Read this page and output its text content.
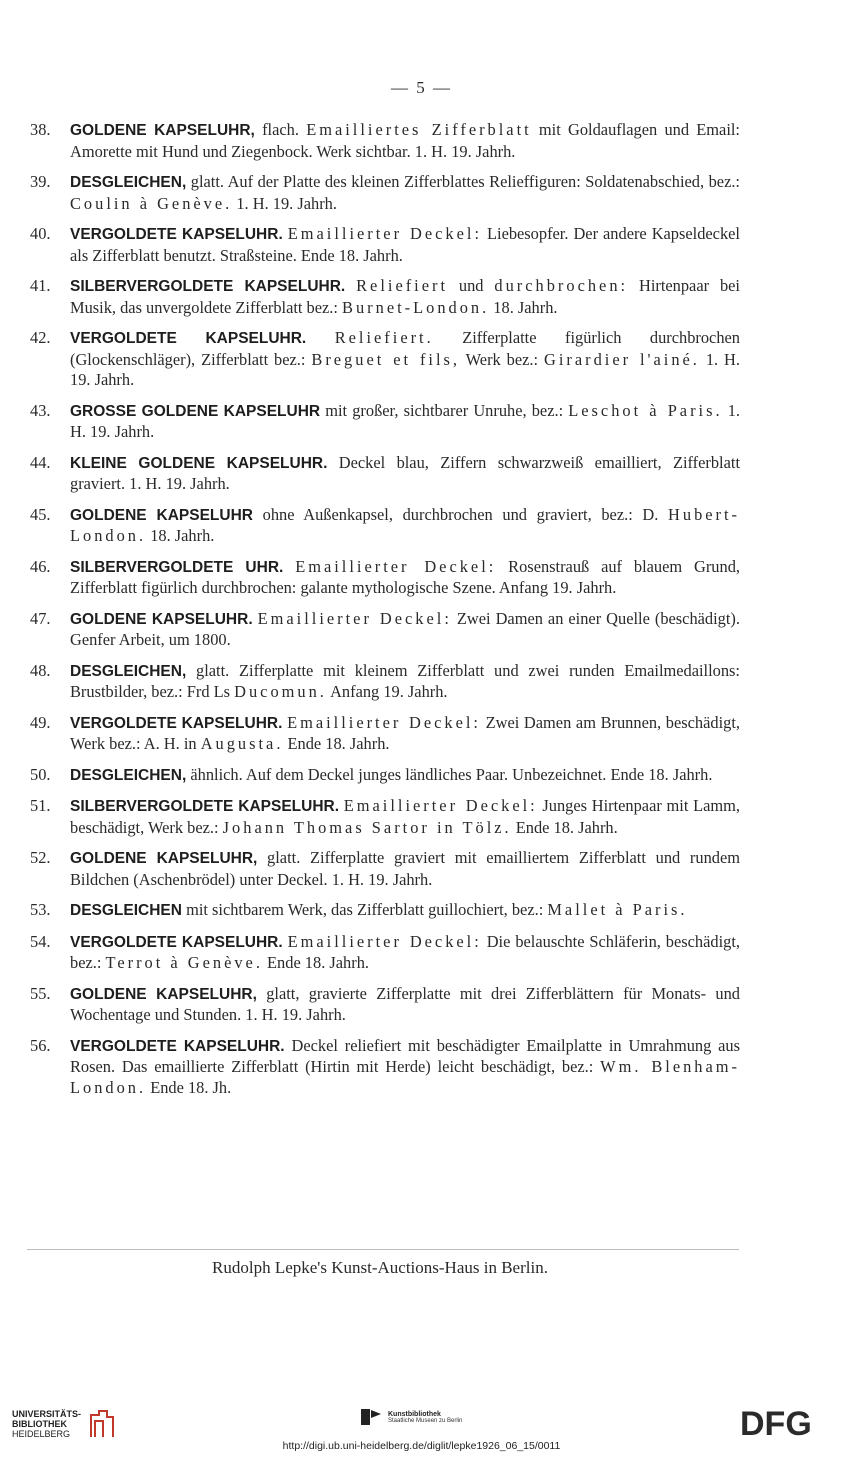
— 5 —
38.	GOLDENE KAPSELUHR, flach. Emailliertes Zifferblatt mit Goldauflagen und Email: Amorette mit Hund und Ziegenbock. Werk sichtbar. 1. H. 19. Jahrh.
39.	DESGLEICHEN, glatt. Auf der Platte des kleinen Zifferblattes Relieffiguren: Soldatenabschied, bez.: Coulin à Genève. 1. H. 19. Jahrh.
40.	VERGOLDETE KAPSELUHR. Emaillierter Deckel: Liebesopfer. Der andere Kapseldeckel als Zifferblatt benutzt. Straßsteine. Ende 18. Jahrh.
41.	SILBERVERGOLDETE KAPSELUHR. Reliefiert und durchbrochen: Hirtenpaar bei Musik, das unvergoldete Zifferblatt bez.: Burnet-London. 18. Jahrh.
42.	VERGOLDETE KAPSELUHR. Reliefiert. Zifferplatte figürlich durchbrochen (Glockenschläger), Zifferblatt bez.: Breguet et fils, Werk bez.: Girardier l'ainé. 1. H. 19. Jahrh.
43.	GROSSE GOLDENE KAPSELUHR mit großer, sichtbarer Unruhe, bez.: Leschot à Paris. 1. H. 19. Jahrh.
44.	KLEINE GOLDENE KAPSELUHR. Deckel blau, Ziffern schwarzweiß emailliert, Zifferblatt graviert. 1. H. 19. Jahrh.
45.	GOLDENE KAPSELUHR ohne Außenkapsel, durchbrochen und graviert, bez.: D. Hubert-London. 18. Jahrh.
46.	SILBERVERGOLDETE UHR. Emaillierter Deckel: Rosenstrauß auf blauem Grund, Zifferblatt figürlich durchbrochen: galante mythologische Szene. Anfang 19. Jahrh.
47.	GOLDENE KAPSELUHR. Emaillierter Deckel: Zwei Damen an einer Quelle (beschädigt). Genfer Arbeit, um 1800.
48.	DESGLEICHEN, glatt. Zifferplatte mit kleinem Zifferblatt und zwei runden Emailmedaillons: Brustbilder, bez.: Frd Ls Ducomun. Anfang 19. Jahrh.
49.	VERGOLDETE KAPSELUHR. Emaillierter Deckel: Zwei Damen am Brunnen, beschädigt, Werk bez.: A. H. in Augusta. Ende 18. Jahrh.
50.	DESGLEICHEN, ähnlich. Auf dem Deckel junges ländliches Paar. Unbezeichnet. Ende 18. Jahrh.
51.	SILBERVERGOLDETE KAPSELUHR. Emaillierter Deckel: Junges Hirtenpaar mit Lamm, beschädigt, Werk bez.: Johann Thomas Sartor in Tölz. Ende 18. Jahrh.
52.	GOLDENE KAPSELUHR, glatt. Zifferplatte graviert mit emailliertem Zifferblatt und rundem Bildchen (Aschenbrödel) unter Deckel. 1. H. 19. Jahrh.
53.	DESGLEICHEN mit sichtbarem Werk, das Zifferblatt guillochiert, bez.: Mallet à Paris.
54.	VERGOLDETE KAPSELUHR. Emaillierter Deckel: Die belauschte Schläferin, beschädigt, bez.: Terrot à Genève. Ende 18. Jahrh.
55.	GOLDENE KAPSELUHR, glatt, gravierte Zifferplatte mit drei Zifferblättern für Monats- und Wochentage und Stunden. 1. H. 19. Jahrh.
56.	VERGOLDETE KAPSELUHR. Deckel reliefiert mit beschädigter Emailplatte in Umrahmung aus Rosen. Das emaillierte Zifferblatt (Hirtin mit Herde) leicht beschädigt, bez.: Wm. Blenham-London. Ende 18. Jh.
Rudolph Lepke's Kunst-Auctions-Haus in Berlin.
UNIVERSITÄTS-
BIBLIOTHEK
HEIDELBERG
Kunstbibliothek
Staatliche Museen zu Berlin	DFG
http://digi.ub.uni-heidelberg.de/diglit/lepke1926_06_15/0011
